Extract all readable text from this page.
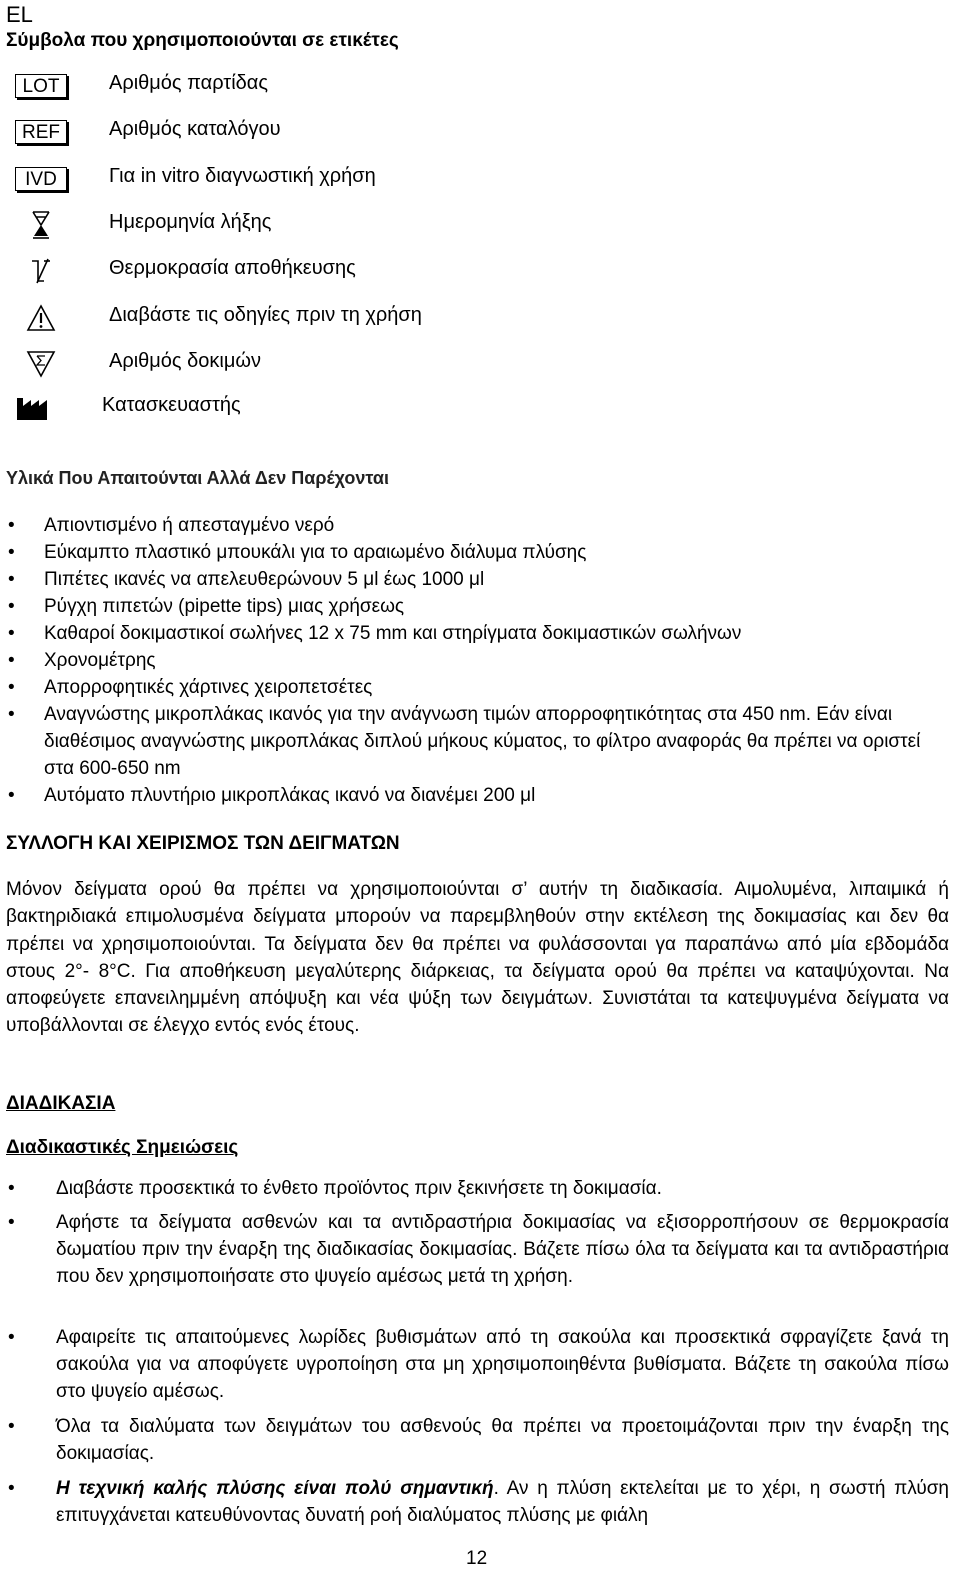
EL
Σύμβολα που χρησιμοποιούνται σε ετικέτες
LOT	Αριθμός παρτίδας
REF	Αριθμός καταλόγου
IVD	Για in vitro διαγνωστική χρήση
Ημερομηνία λήξης
Θερμοκρασία αποθήκευσης
Διαβάστε τις οδηγίες πριν τη χρήση
Αριθμός δοκιμών
Κατασκευαστής
Υλικά Που Απαιτούνται Αλλά Δεν Παρέχονται
• Απιοντισμένο ή απεσταγμένο νερό
• Εύκαμπτο πλαστικό μπουκάλι για το αραιωμένο διάλυμα πλύσης
• Πιπέτες ικανές να απελευθερώνουν 5 μl έως 1000 μl
• Ρύγχη πιπετών (pipette tips) μιας χρήσεως
• Καθαροί δοκιμαστικοί σωλήνες 12 x 75 mm και στηρίγματα δοκιμαστικών σωλήνων
• Χρονομέτρης
• Απορροφητικές χάρτινες χειροπετσέτες
• Αναγνώστης μικροπλάκας ικανός για την ανάγνωση τιμών απορροφητικότητας στα 450 nm. Εάν είναι διαθέσιμος αναγνώστης μικροπλάκας διπλού μήκους κύματος, το φίλτρο αναφοράς θα πρέπει να οριστεί στα 600-650 nm
• Αυτόματο πλυντήριο μικροπλάκας ικανό να διανέμει 200 μl
ΣΥΛΛΟΓΗ ΚΑΙ ΧΕΙΡΙΣΜΟΣ ΤΩΝ ΔΕΙΓΜΑΤΩΝ
Μόνον δείγματα ορού θα πρέπει να χρησιμοποιούνται σ’ αυτήν τη διαδικασία. Αιμολυμένα, λιπαιμικά ή βακτηριδιακά επιμολυσμένα δείγματα μπορούν να παρεμβληθούν στην εκτέλεση της δοκιμασίας και δεν θα πρέπει να χρησιμοποιούνται. Τα δείγματα δεν θα πρέπει να φυλάσσονται γα παραπάνω από μία εβδομάδα στους 2°- 8°C. Για αποθήκευση μεγαλύτερης διάρκειας, τα δείγματα ορού θα πρέπει να καταψύχονται. Να αποφεύγετε επανειλημμένη απόψυξη και νέα ψύξη των δειγμάτων. Συνιστάται τα κατεψυγμένα δείγματα να υποβάλλονται σε έλεγχο εντός ενός έτους.
ΔΙΑΔΙΚΑΣΙΑ
Διαδικαστικές Σημειώσεις
• Διαβάστε προσεκτικά το ένθετο προϊόντος πριν ξεκινήσετε τη δοκιμασία.
• Αφήστε τα δείγματα ασθενών και τα αντιδραστήρια δοκιμασίας να εξισορροπήσουν σε θερμοκρασία δωματίου πριν την έναρξη της διαδικασίας δοκιμασίας. Βάζετε πίσω όλα τα δείγματα και τα αντιδραστήρια που δεν χρησιμοποιήσατε στο ψυγείο αμέσως μετά τη χρήση.
• Αφαιρείτε τις απαιτούμενες λωρίδες βυθισμάτων από τη σακούλα και προσεκτικά σφραγίζετε ξανά τη σακούλα για να αποφύγετε υγροποίηση στα μη χρησιμοποιηθέντα βυθίσματα. Βάζετε τη σακούλα πίσω στο ψυγείο αμέσως.
• Όλα τα διαλύματα των δειγμάτων του ασθενούς θα πρέπει να προετοιμάζονται πριν την έναρξη της δοκιμασίας.
• Η τεχνική καλής πλύσης είναι πολύ σημαντική. Αν η πλύση εκτελείται με το χέρι, η σωστή πλύση επιτυγχάνεται κατευθύνοντας δυνατή ροή διαλύματος πλύσης με φιάλη
12
